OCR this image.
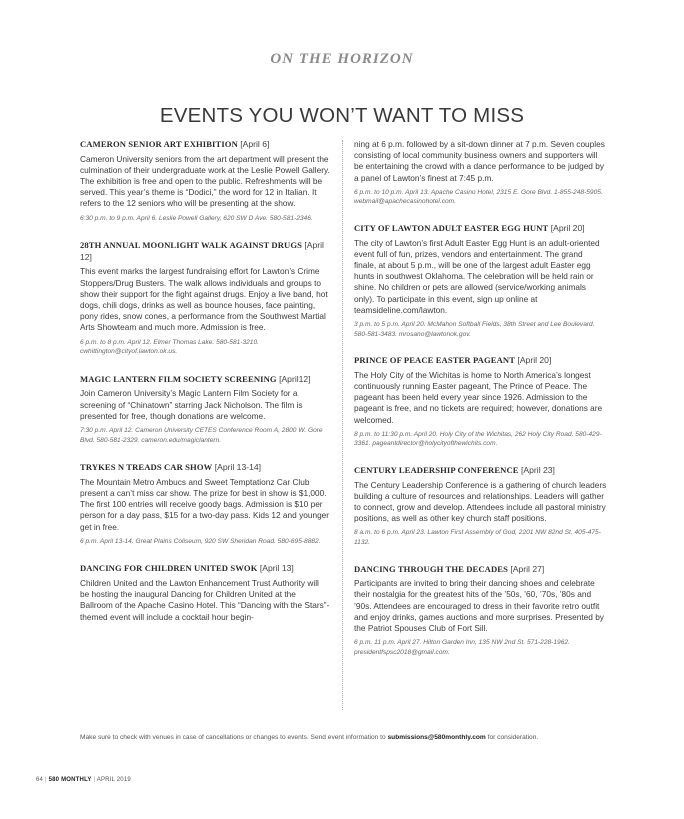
ON THE HORIZON
EVENTS YOU WON’T WANT TO MISS
CAMERON SENIOR ART EXHIBITION [April 6]

Cameron University seniors from the art department will present the culmination of their undergraduate work at the Leslie Powell Gallery. The exhibition is free and open to the public. Refreshments will be served. This year’s theme is “Dodici,” the word for 12 in Italian. It refers to the 12 seniors who will be presenting at the show.

6:30 p.m. to 9 p.m. April 6. Leslie Powell Gallery, 620 SW D Ave. 580-581-2346.

28TH ANNUAL MOONLIGHT WALK AGAINST DRUGS [April 12]

This event marks the largest fundraising effort for Lawton’s Crime Stoppers/Drug Busters. The walk allows individuals and groups to show their support for the fight against drugs. Enjoy a live band, hot dogs, chili dogs, drinks as well as bounce houses, face painting, pony rides, snow cones, a performance from the Southwest Martial Arts Showteam and much more. Admission is free.

6 p.m. to 8 p.m. April 12. Elmer Thomas Lake. 580-581-3210. cwhittington@cityof.lawton.ok.us.

MAGIC LANTERN FILM SOCIETY SCREENING [April12]

Join Cameron University’s Magic Lantern Film Society for a screening of “Chinatown” starring Jack Nicholson. The film is presented for free, though donations are welcome.

7:30 p.m. April 12. Cameron University CETES Conference Room A, 2800 W. Gore Blvd. 580-581-2329. cameron.edu/magiclantern.

TRYKES N TREADS CAR SHOW [April 13-14]

The Mountain Metro Ambucs and Sweet Temptationz Car Club present a can’t miss car show. The prize for best in show is $1,000. The first 100 entries will receive goody bags. Admission is $10 per person for a day pass, $15 for a two-day pass. Kids 12 and younger get in free.

6 p.m. April 13-14. Great Plains Coliseum, 920 SW Sheridan Road. 580-695-8882.

DANCING FOR CHILDREN UNITED SWOK [April 13]

Children United and the Lawton Enhancement Trust Authority will be hosting the inaugural Dancing for Children United at the Ballroom of the Apache Casino Hotel. This “Dancing with the Stars”-themed event will include a cocktail hour begin-

ning at 6 p.m. followed by a sit-down dinner at 7 p.m. Seven couples consisting of local community business owners and supporters will be entertaining the crowd with a dance performance to be judged by a panel of Lawton’s finest at 7:45 p.m.

6 p.m. to 10 p.m. April 13. Apache Casino Hotel, 2315 E. Gore Blvd. 1-855-248-5905. webmail@apachecasinohotel.com.

CITY OF LAWTON ADULT EASTER EGG HUNT [April 20]

The city of Lawton’s first Adult Easter Egg Hunt is an adult-oriented event full of fun, prizes, vendors and entertainment. The grand finale, at about 5 p.m., will be one of the largest adult Easter egg hunts in southwest Oklahoma. The celebration will be held rain or shine. No children or pets are allowed (service/working animals only). To participate in this event, sign up online at teamsideline.com/lawton.

3 p.m. to 5 p.m. April 20. McMahon Softball Fields, 38th Street and Lee Boulevard. 580-581-3483. mrosano@lawtonok.gov.

PRINCE OF PEACE EASTER PAGEANT [April 20]

The Holy City of the Wichitas is home to North America’s longest continuously running Easter pageant, The Prince of Peace. The pageant has been held every year since 1926. Admission to the pageant is free, and no tickets are required; however, donations are welcomed.

8 p.m. to 11:30 p.m. April 20. Holy City of the Wichitas, 262 Holy City Road. 580-429-3361. pageantdirector@holycityofthewichits.com.

CENTURY LEADERSHIP CONFERENCE [April 23]

The Century Leadership Conference is a gathering of church leaders building a culture of resources and relationships. Leaders will gather to connect, grow and develop. Attendees include all pastoral ministry positions, as well as other key church staff positions.

8 a.m. to 6 p.m. April 23. Lawton First Assembly of God, 2201 NW 82nd St. 405-475-1132.

DANCING THROUGH THE DECADES [April 27]

Participants are invited to bring their dancing shoes and celebrate their nostalgia for the greatest hits of the ’50s, ’60, ’70s, ’80s and ’90s. Attendees are encouraged to dress in their favorite retro outfit and enjoy drinks, games auctions and more surprises. Presented by the Patriot Spouses Club of Fort Sill.

6 p.m. 11 p.m. April 27. Hilton Garden Inn, 135 NW 2nd St. 571-228-1962. presidentfspsc2018@gmail.com.

Make sure to check with venues in case of cancellations or changes to events. Send event information to submissions@580monthly.com for consideration.

64 | 580 MONTHLY | APRIL 2019
